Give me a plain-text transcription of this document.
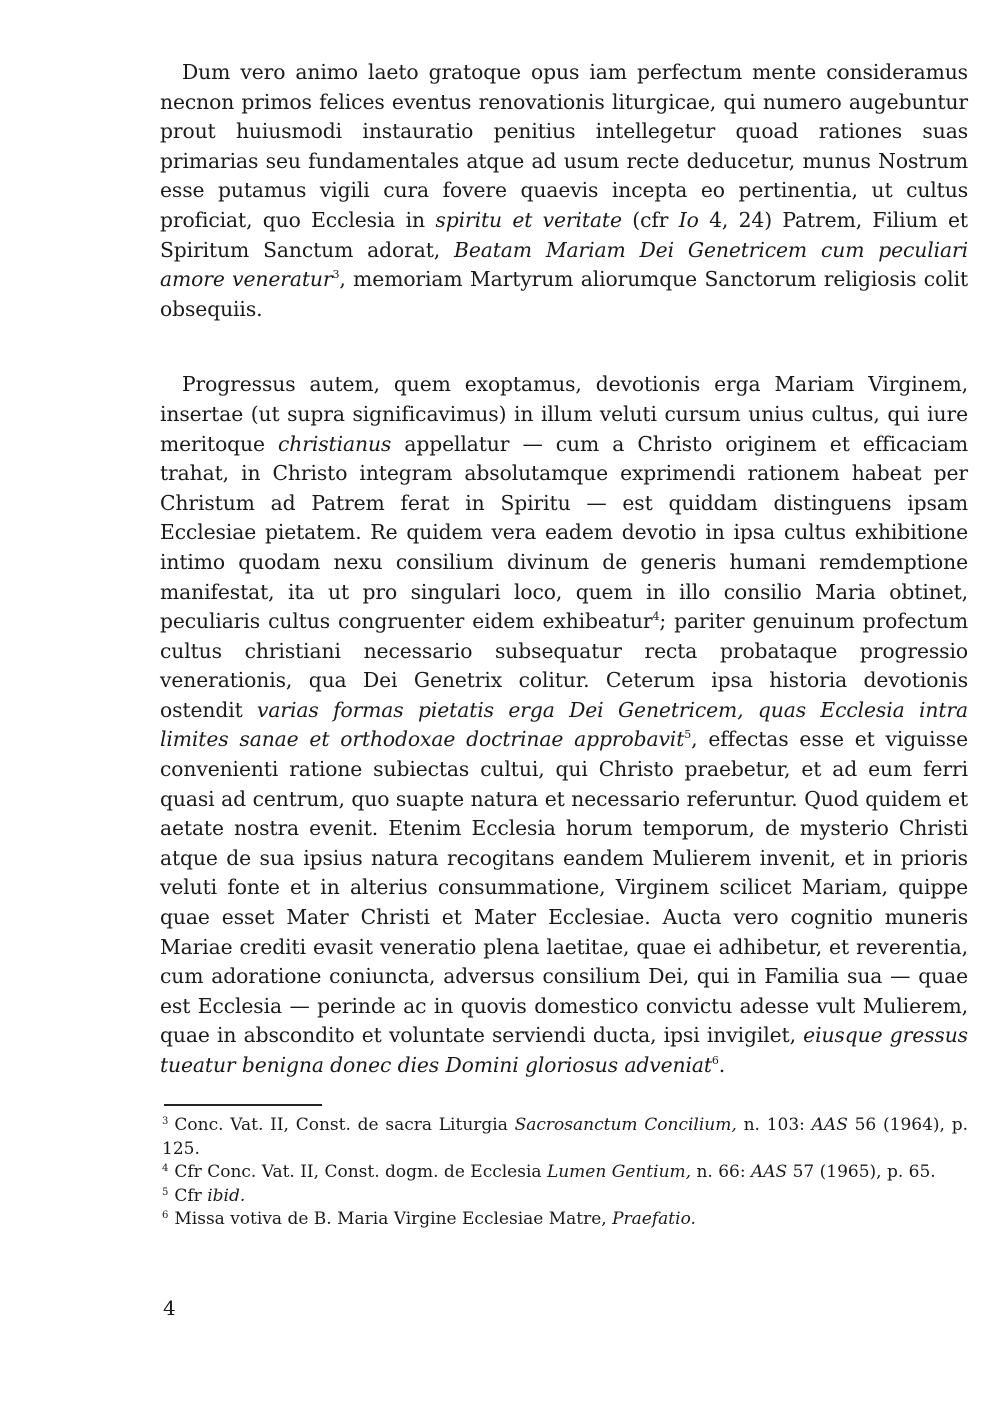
Dum vero animo laeto gratoque opus iam perfectum mente consideramus necnon primos felices eventus renovationis liturgicae, qui numero augebuntur prout huiusmodi instauratio penitius intellegetur quoad rationes suas primarias seu fundamentales atque ad usum recte deducetur, munus Nostrum esse putamus vigili cura fovere quaevis incepta eo pertinentia, ut cultus proficiat, quo Ecclesia in spiritu et veritate (cfr Io 4, 24) Patrem, Filium et Spiritum Sanctum adorat, Beatam Mariam Dei Genetricem cum peculiari amore veneratur$^3$, memoriam Martyrum aliorumque Sanctorum religiosis colit obsequiis.

Progressus autem, quem exoptamus, devotionis erga Mariam Virginem, insertae (ut supra significavimus) in illum veluti cursum unius cultus, qui iure meritoque christianus appellatur — cum a Christo originem et efficaciam trahat, in Christo integram absolutamque exprimendi rationem habeat per Christum ad Patrem ferat in Spiritu — est quiddam distinguens ipsam Ecclesiae pietatem. Re quidem vera eadem devotio in ipsa cultus exhibitione intimo quodam nexu consilium divinum de generis humani remdemptione manifestat, ita ut pro singulari loco, quem in illo consilio Maria obtinet, peculiaris cultus congruenter eidem exhibeatur$^4$; pariter genuinum profectum cultus christiani necessario subsequatur recta probataque progressio venerationis, qua Dei Genetrix colitur. Ceterum ipsa historia devotionis ostendit varias formas pietatis erga Dei Genetricem, quas Ecclesia intra limites sanae et orthodoxae doctrinae approbavit$^5$, effectas esse et viguisse convenienti ratione subiectas cultui, qui Christo praebetur, et ad eum ferri quasi ad centrum, quo suapte natura et necessario referuntur. Quod quidem et aetate nostra evenit. Etenim Ecclesia horum temporum, de mysterio Christi atque de sua ipsius natura recogitans eandem Mulierem invenit, et in prioris veluti fonte et in alterius consummatione, Virginem scilicet Mariam, quippe quae esset Mater Christi et Mater Ecclesiae. Aucta vero cognitio muneris Mariae crediti evasit veneratio plena laetitae, quae ei adhibetur, et reverentia, cum adoratione coniuncta, adversus consilium Dei, qui in Familia sua — quae est Ecclesia — perinde ac in quovis domestico convictu adesse vult Mulierem, quae in abscondito et voluntate serviendi ducta, ipsi invigilet, eiusque gressus tueatur benigna donec dies Domini gloriosus adveniat$^6$.

$^3$ Conc. Vat. II, Const. de sacra Liturgia Sacrosanctum Concilium, n. 103: AAS 56 (1964), p. 125.

$^4$ Cfr Conc. Vat. II, Const. dogm. de Ecclesia Lumen Gentium, n. 66: AAS 57 (1965), p. 65.

$^5$ Cfr ibid.

$^6$ Missa votiva de B. Maria Virgine Ecclesiae Matre, Praefatio.

4
